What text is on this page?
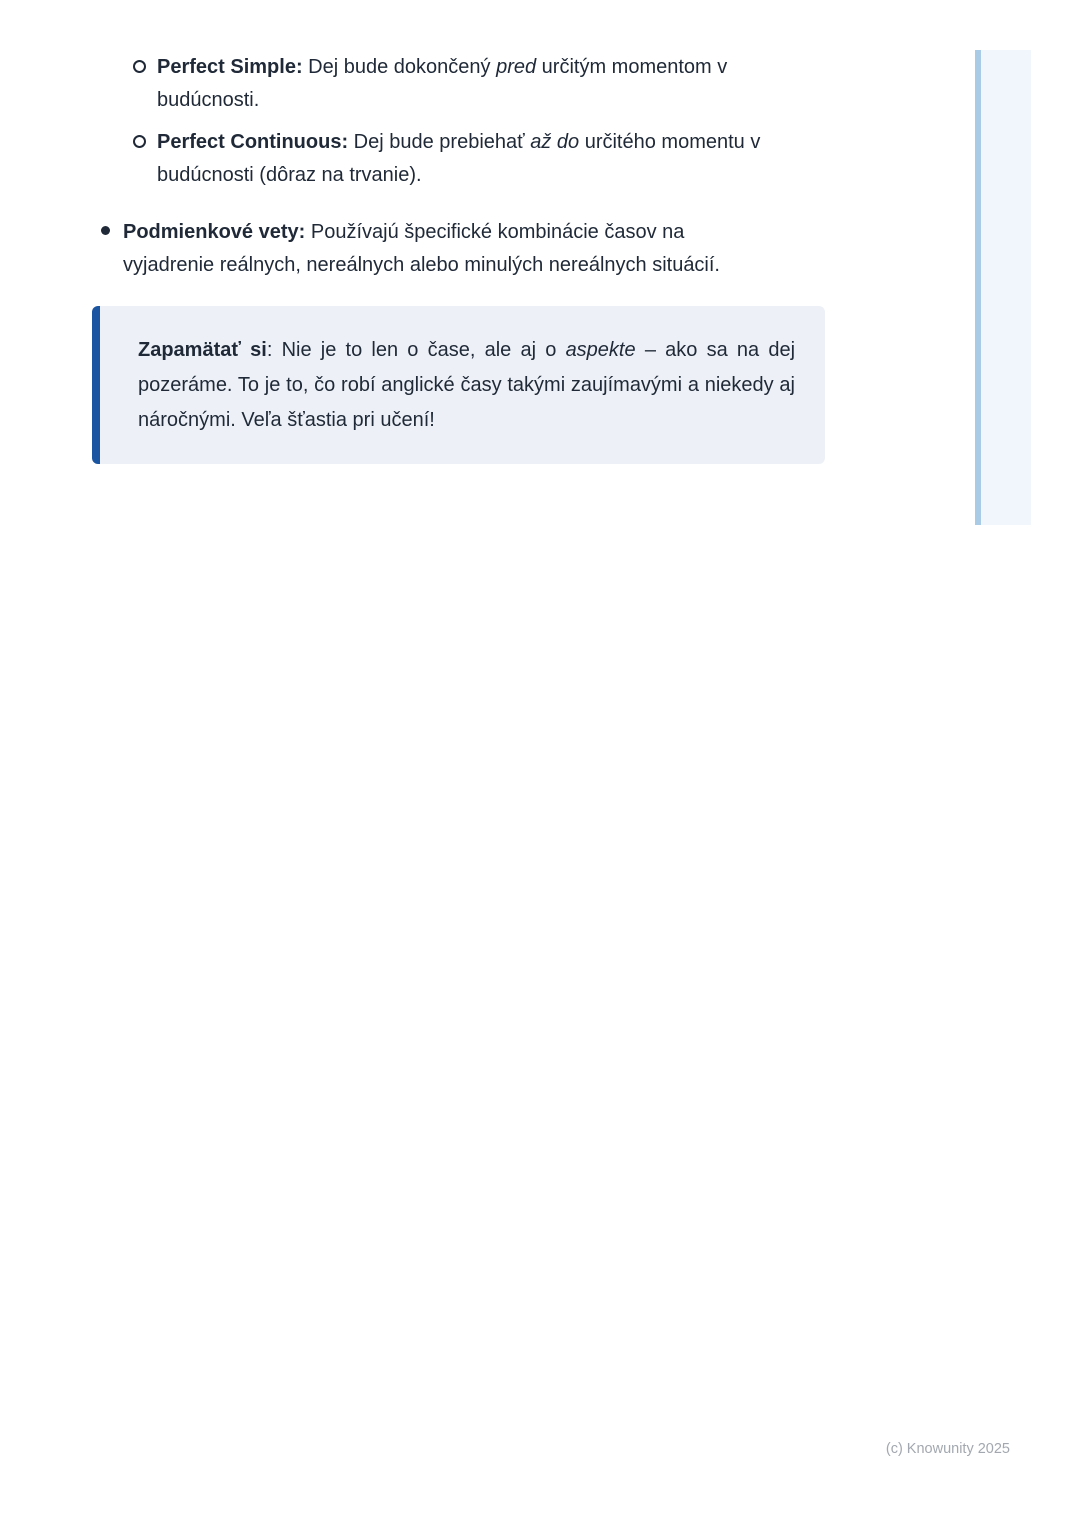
Perfect Simple: Dej bude dokončený pred určitým momentom v
budúcnosti.
Perfect Continuous: Dej bude prebiehať až do určitého momentu v
budúcnosti (dôraz na trvanie).
Podmienkové vety: Používajú špecifické kombinácie časov na
vyjadrenie reálnych, nereálnych alebo minulých nereálnych situácií.
Zapamätať si: Nie je to len o čase, ale aj o aspekte – ako sa na dej pozeráme. To je to, čo robí anglické časy takými zaujímavými a niekedy aj náročnými. Veľa šťastia pri učení!
(c) Knowunity 2025
